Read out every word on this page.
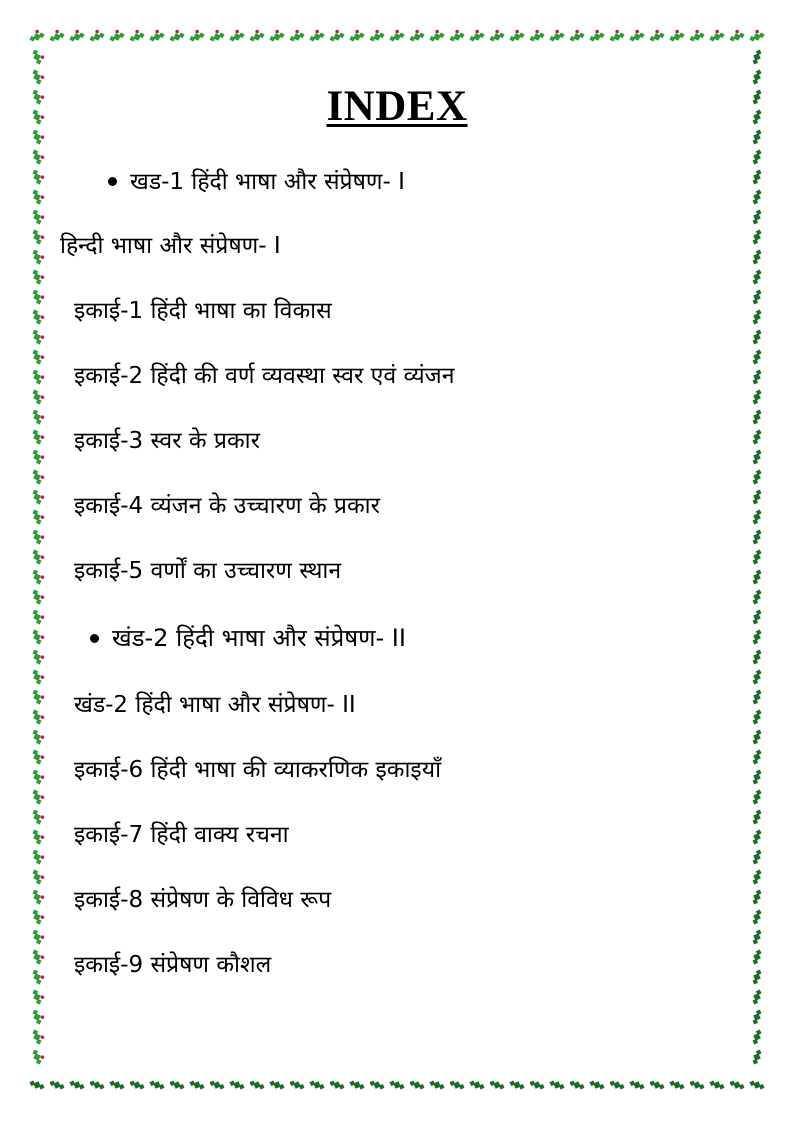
INDEX
खड-1 हिंदी भाषा और संप्रेषण- I
हिन्दी भाषा और संप्रेषण- I
इकाई-1 हिंदी भाषा का विकास
इकाई-2 हिंदी की वर्ण व्यवस्था स्वर एवं व्यंजन
इकाई-3 स्वर के प्रकार
इकाई-4 व्यंजन के उच्चारण के प्रकार
इकाई-5 वर्णों का उच्चारण स्थान
खंड-2 हिंदी भाषा और संप्रेषण- II
खंड-2 हिंदी भाषा और संप्रेषण- II
इकाई-6 हिंदी भाषा की व्याकरणिक इकाइयाँ
इकाई-7 हिंदी वाक्य रचना
इकाई-8 संप्रेषण के विविध रूप
इकाई-9 संप्रेषण कौशल
